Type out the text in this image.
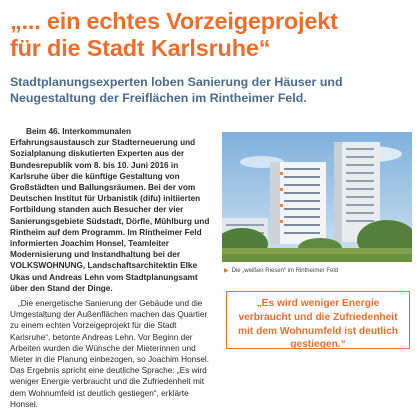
„... ein echtes Vorzeigeprojekt
für die Stadt Karlsruhe“
Stadtplanungsexperten loben Sanierung der Häuser und Neugestaltung der Freiflächen im Rintheimer Feld.

Beim 46. Interkommunalen Erfahrungsaustausch zur Stadterneuerung und Sozialplanung diskutierten Experten aus der Bundesrepublik vom 8. bis 10. Juni 2016 in Karlsruhe über die künftige Gestaltung von Großstädten und Ballungsräumen. Bei der vom Deutschen Institut für Urbanistik (difu) initiierten Fortbildung standen auch Besucher der vier Sanierungsgebiete Südstadt, Dörfle, Mühlburg und Rintheim auf dem Programm. Im Rintheimer Feld informierten Joachim Honsel, Teamleiter Modernisierung und Instandhaltung bei der VOLKSWOHNUNG, Landschaftsarchitektin Elke Ukas und Andreas Lehn vom Stadtplanungsamt über den Stand der Dinge.

„Die energetische Sanierung der Gebäude und die Umgestaltung der Außenflächen machen das Quartier zu einem echten Vorzeigeprojekt für die Stadt Karlsruhe“, betonte Andreas Lehn. Vor Beginn der Arbeiten wurden die Wünsche der Mieterinnen und Mieter in die Planung einbezogen, so Joachim Honsel. Das Ergebnis spricht eine deutliche Sprache: „Es wird weniger Energie verbraucht und die Zufriedenheit mit dem Wohnumfeld ist deutlich gestiegen“, erklärte Honsel.

▶ Die „weißen Riesen“ im Rintheimer Feld
„Es wird weniger Energie verbraucht und die Zufriedenheit mit dem Wohnumfeld ist deutlich gestiegen.“
